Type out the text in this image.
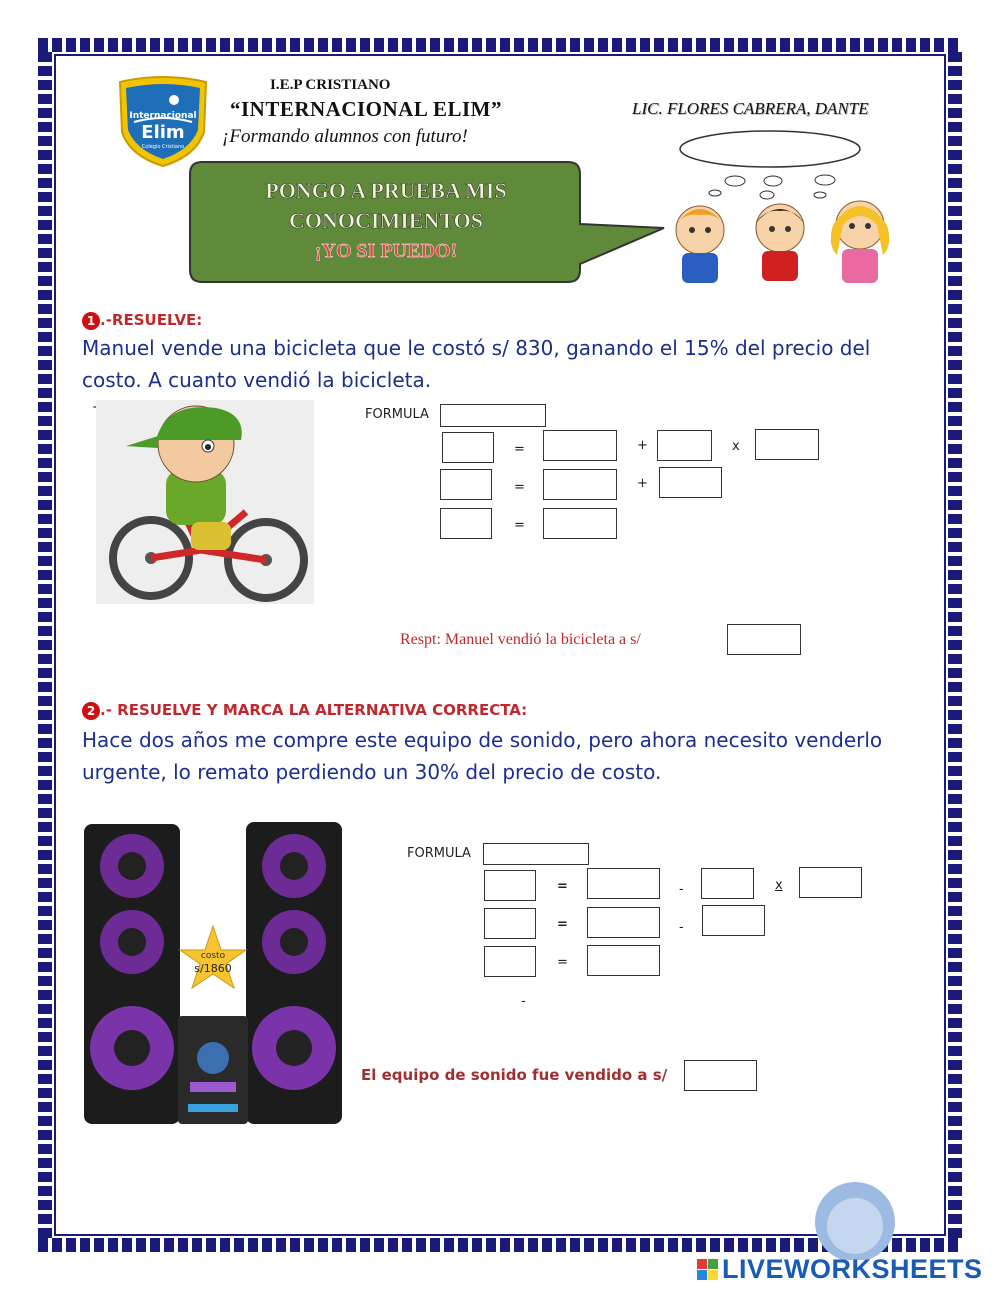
Internacional
Elim
Colegio Cristiano
I.E.P CRISTIANO
“INTERNACIONAL ELIM”
¡Formando alumnos con futuro!
LIC. FLORES CABRERA, DANTE
PONGO A PRUEBA MIS
CONOCIMIENTOS
¡YO SI PUEDO!
1 .-RESUELVE:
Manuel vende una bicicleta que le costó s/ 830, ganando el 15% del precio del costo. A cuanto vendió la bicicleta.
+	FORMULA
=	+	x
=	+
=
Respt: Manuel vendió la bicicleta a s/
2 .- RESUELVE Y MARCA LA ALTERNATIVA CORRECTA:
Hace dos años me compre este equipo de sonido, pero ahora necesito venderlo urgente, lo remato perdiendo un 30% del precio de costo.
costo
s/1860
FORMULA
=	-	x
=	-
=
-
El equipo de sonido fue vendido a s/
LIVEWORKSHEETS
